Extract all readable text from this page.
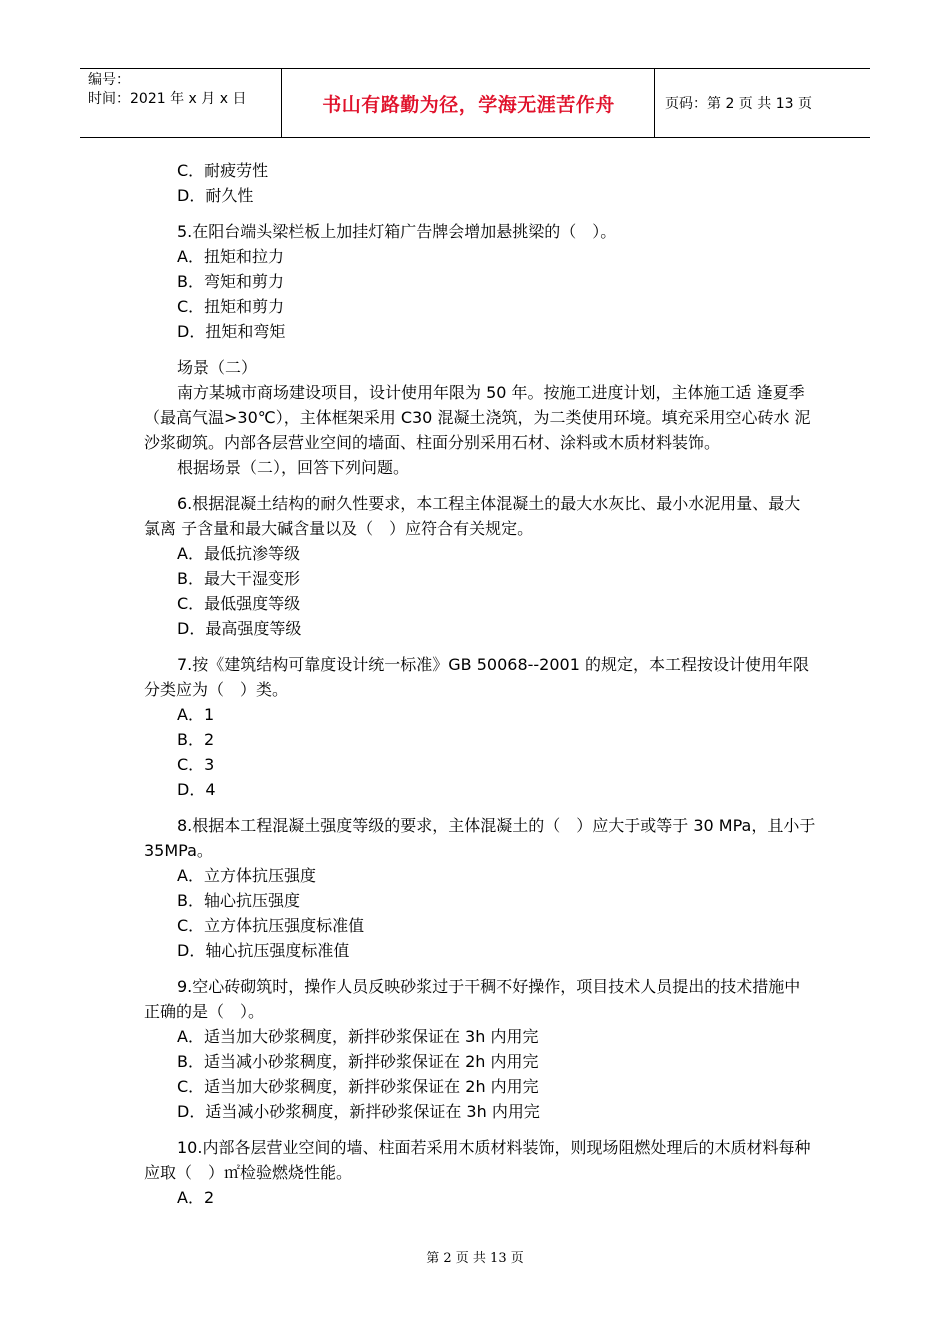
编号：
时间：2021 年 x 月 x 日	书山有路勤为径，学海无涯苦作舟	页码：第 2 页 共 13 页

C．耐疲劳性

D．耐久性

5.在阳台端头梁栏板上加挂灯箱广告牌会增加悬挑梁的（　）。

A．扭矩和拉力

B．弯矩和剪力

C．扭矩和剪力

D．扭矩和弯矩

场景（二）

南方某城市商场建设项目，设计使用年限为 50 年。按施工进度计划，主体施工适 逢夏季（最高气温>30℃），主体框架采用 C30 混凝土浇筑，为二类使用环境。填充采用空心砖水 泥沙浆砌筑。内部各层营业空间的墙面、柱面分别采用石材、涂料或木质材料装饰。

根据场景（二），回答下列问题。

6.根据混凝土结构的耐久性要求，本工程主体混凝土的最大水灰比、最小水泥用量、最大氯离 子含量和最大碱含量以及（　）应符合有关规定。

A．最低抗渗等级

B．最大干湿变形

C．最低强度等级

D．最高强度等级

7.按《建筑结构可靠度设计统一标准》GB 50068--2001 的规定，本工程按设计使用年限分类应为（　）类。

A．1

B．2

C．3

D．4

8.根据本工程混凝土强度等级的要求，主体混凝土的（　）应大于或等于 30 MPa，且小于 35MPa。

A．立方体抗压强度

B．轴心抗压强度

C．立方体抗压强度标准值

D．轴心抗压强度标准值

9.空心砖砌筑时，操作人员反映砂浆过于干稠不好操作，项目技术人员提出的技术措施中正确的是（　）。

A．适当加大砂浆稠度，新拌砂浆保证在 3h 内用完

B．适当减小砂浆稠度，新拌砂浆保证在 2h 内用完

C．适当加大砂浆稠度，新拌砂浆保证在 2h 内用完

D．适当减小砂浆稠度，新拌砂浆保证在 3h 内用完

10.内部各层营业空间的墙、柱面若采用木质材料装饰，则现场阻燃处理后的木质材料每种应取（　）㎡检验燃烧性能。

A．2

第 2 页 共 13 页
